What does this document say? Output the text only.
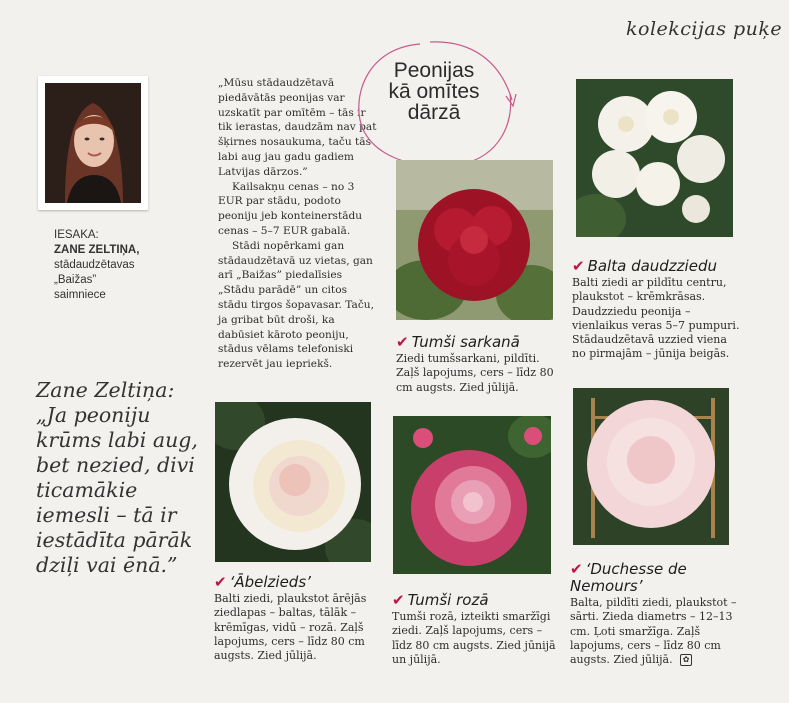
kolekcijas puķe
IESAKA:
ZANE ZELTIŅA,
stādaudzētavas
„Baižas”
saimniece

„Mūsu stādaudzētavā piedāvātās peonijas var uzskatīt par omītēm – tās ir tik ierastas, daudzām nav pat šķirnes nosaukuma, taču tās labi aug jau gadu gadiem Latvijas dārzos.”

Kailsakņu cenas – no 3 EUR par stādu, podoto peoniju jeb konteinerstādu cenas – 5–7 EUR gabalā.

Stādi nopērkami gan stādaudzētavā uz vietas, gan arī „Baižas” piedalīsies „Stādu parādē” un citos stādu tirgos šopavasar. Taču, ja gribat būt droši, ka dabūsiet kāroto peoniju, stādus vēlams telefoniski rezervēt jau iepriekš.

Peonijas
kā omītes
dārzā
Zane Zeltiņa:
„Ja peoniju krūms labi aug, bet nezied, divi ticamākie iemesli – tā ir iestādīta pārāk dziļi vai ēnā.”
✔ Tumši sarkanā
Ziedi tumšsarkani, pildīti. Zaļš lapojums, cers – līdz 80 cm augsts. Zied jūlijā.
✔ Balta daudzziedu
Balti ziedi ar pildītu centru, plaukstot – krēmkrāsas. Daudzziedu peonija – vienlaikus veras 5–7 pumpuri. Stādaudzētavā uzzied viena no pirmajām – jūnija beigās.
✔ ‘Ābelzieds’
Balti ziedi, plaukstot ārējās ziedlapas – baltas, tālāk – krēmīgas, vidū – rozā. Zaļš lapojums, cers – līdz 80 cm augsts. Zied jūlijā.
✔ Tumši rozā
Tumši rozā, izteikti smaržīgi ziedi. Zaļš lapojums, cers – līdz 80 cm augsts. Zied jūnijā un jūlijā.
✔ ‘Duchesse de Nemours’
Balta, pildīti ziedi, plaukstot – sārti. Zieda diametrs – 12–13 cm. Ļoti smaržīga. Zaļš lapojums, cers – līdz 80 cm augsts. Zied jūlijā. ✿
